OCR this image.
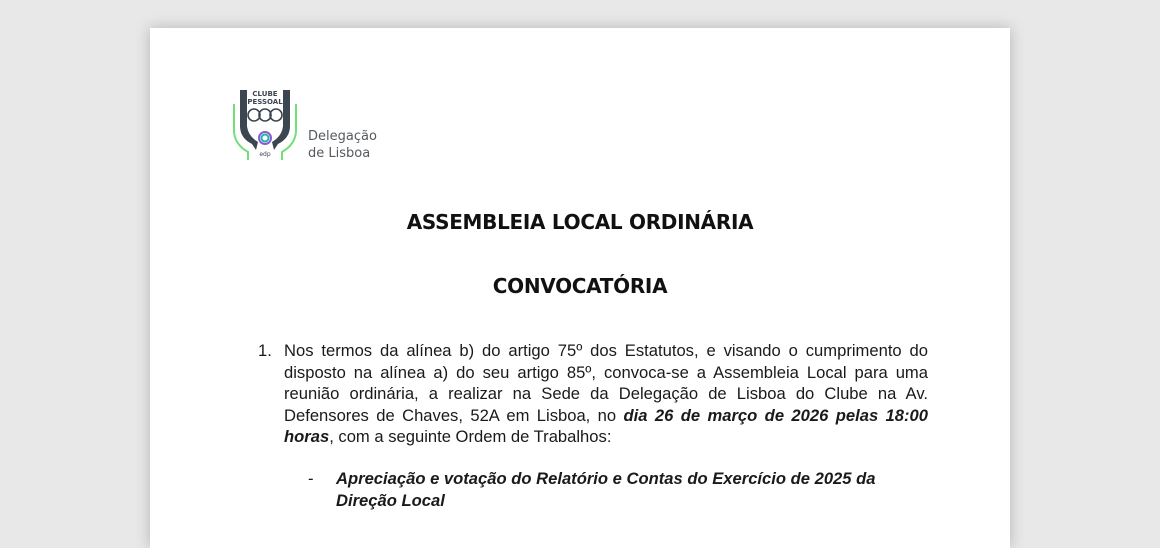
CLUBE
PESSOAL
edp
Delegação
de Lisboa
ASSEMBLEIA LOCAL ORDINÁRIA
CONVOCATÓRIA
1. Nos termos da alínea b) do artigo 75º dos Estatutos, e visando o cumprimento do disposto na alínea a) do seu artigo 85º, convoca-se a Assembleia Local para uma reunião ordinária, a realizar na Sede da Delegação de Lisboa do Clube na Av. Defensores de Chaves, 52A em Lisboa, no dia 26 de março de 2026 pelas 18:00 horas, com a seguinte Ordem de Trabalhos:
- Apreciação e votação do Relatório e Contas do Exercício de 2025 da Direção Local
